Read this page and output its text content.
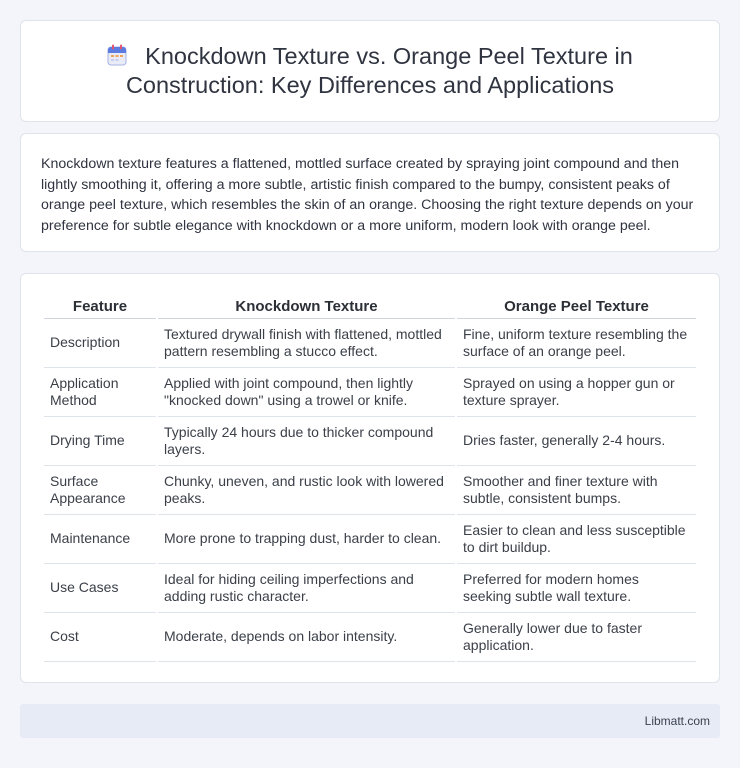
Knockdown Texture vs. Orange Peel Texture in Construction: Key Differences and Applications

Knockdown texture features a flattened, mottled surface created by spraying joint compound and then lightly smoothing it, offering a more subtle, artistic finish compared to the bumpy, consistent peaks of orange peel texture, which resembles the skin of an orange. Choosing the right texture depends on your preference for subtle elegance with knockdown or a more uniform, modern look with orange peel.

Feature	Knockdown Texture	Orange Peel Texture
Description	Textured drywall finish with flattened, mottled pattern resembling a stucco effect.	Fine, uniform texture resembling the surface of an orange peel.
Application Method	Applied with joint compound, then lightly "knocked down" using a trowel or knife.	Sprayed on using a hopper gun or texture sprayer.
Drying Time	Typically 24 hours due to thicker compound layers.	Dries faster, generally 2-4 hours.
Surface Appearance	Chunky, uneven, and rustic look with lowered peaks.	Smoother and finer texture with subtle, consistent bumps.
Maintenance	More prone to trapping dust, harder to clean.	Easier to clean and less susceptible to dirt buildup.
Use Cases	Ideal for hiding ceiling imperfections and adding rustic character.	Preferred for modern homes seeking subtle wall texture.
Cost	Moderate, depends on labor intensity.	Generally lower due to faster application.
Libmatt.com
